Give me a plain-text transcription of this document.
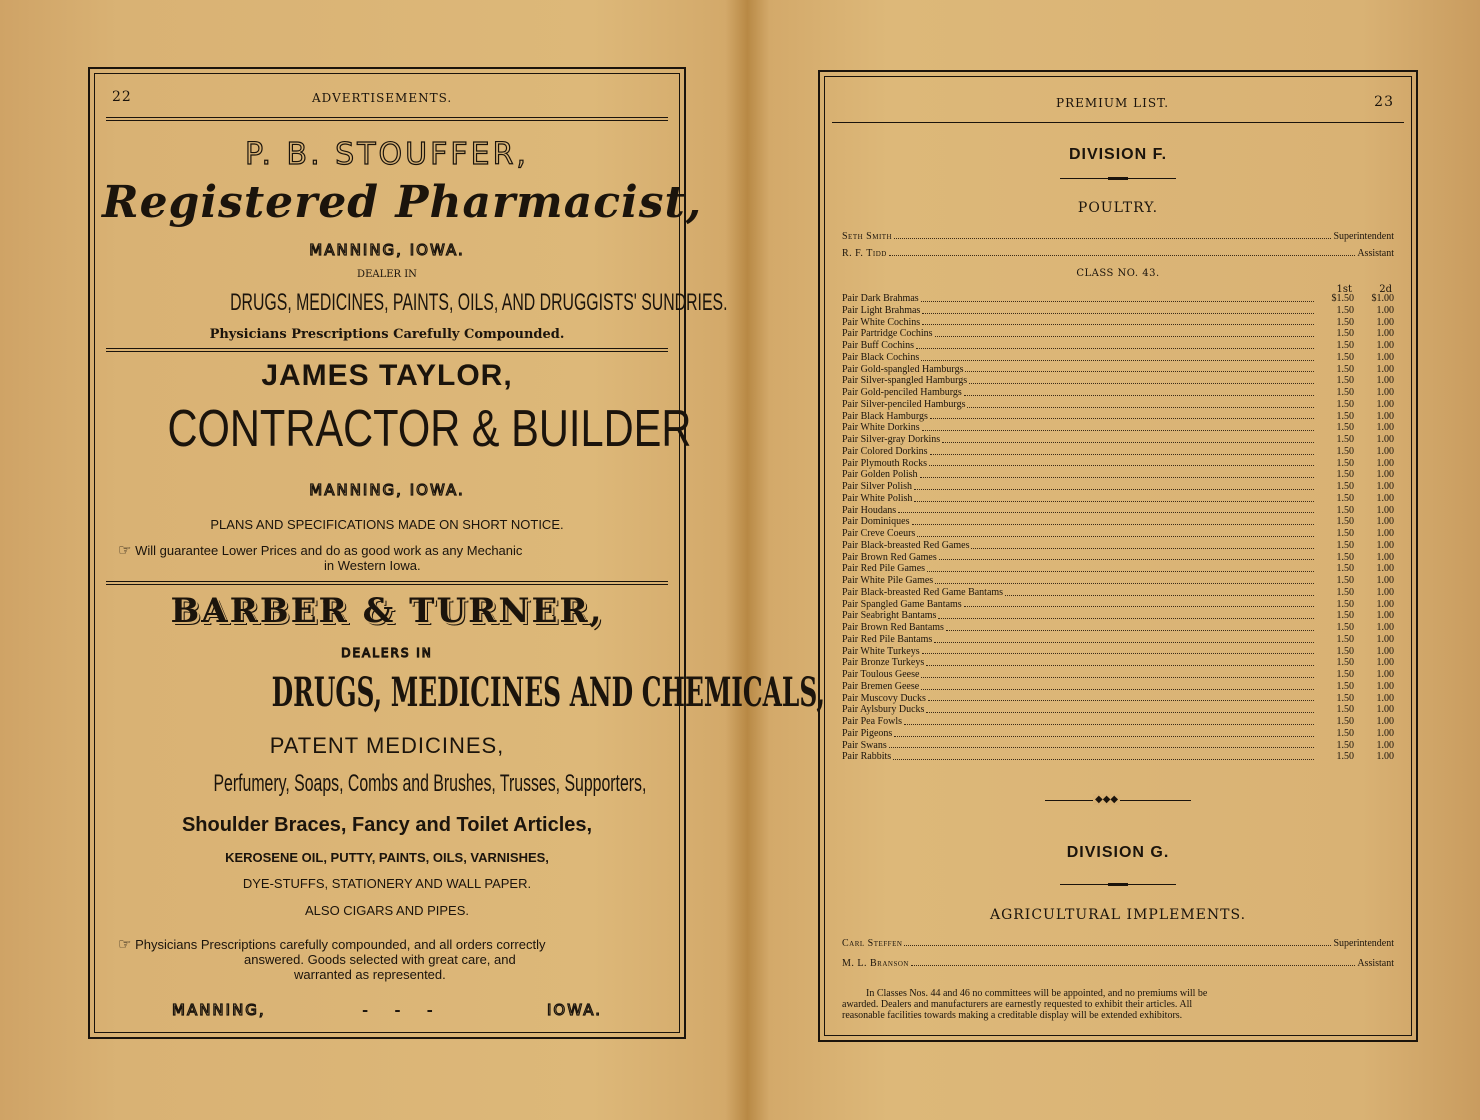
22	ADVERTISEMENTS.
P. B. STOUFFER,
Registered Pharmacist,
MANNING, IOWA.
DEALER IN
DRUGS, MEDICINES, PAINTS, OILS, AND DRUGGISTS' SUNDRIES.
Physicians Prescriptions Carefully Compounded.
JAMES TAYLOR,
CONTRACTOR & BUILDER
MANNING, IOWA.
PLANS AND SPECIFICATIONS MADE ON SHORT NOTICE.
☞ Will guarantee Lower Prices and do as good work as any Mechanic
in Western Iowa.
BARBER & TURNER,
DEALERS IN
DRUGS, MEDICINES AND CHEMICALS,
PATENT MEDICINES,
Perfumery, Soaps, Combs and Brushes, Trusses, Supporters,
Shoulder Braces, Fancy and Toilet Articles,
KEROSENE OIL, PUTTY, PAINTS, OILS, VARNISHES,
DYE-STUFFS, STATIONERY AND WALL PAPER.
ALSO CIGARS AND PIPES.
☞ Physicians Prescriptions carefully compounded, and all orders correctly
answered. Goods selected with great care, and
warranted as represented.
MANNING,	-     -     -	IOWA.
PREMIUM LIST.	23
DIVISION F.
POULTRY.
Seth Smith	Superintendent
R. F. Tidd	Assistant
CLASS NO. 43.
1st	2d
Pair Dark Brahmas	$1.50	$1.00
Pair Light Brahmas	1.50	1.00
Pair White Cochins	1.50	1.00
Pair Partridge Cochins	1.50	1.00
Pair Buff Cochins	1.50	1.00
Pair Black Cochins	1.50	1.00
Pair Gold-spangled Hamburgs	1.50	1.00
Pair Silver-spangled Hamburgs	1.50	1.00
Pair Gold-penciled Hamburgs	1.50	1.00
Pair Silver-penciled Hamburgs	1.50	1.00
Pair Black Hamburgs	1.50	1.00
Pair White Dorkins	1.50	1.00
Pair Silver-gray Dorkins	1.50	1.00
Pair Colored Dorkins	1.50	1.00
Pair Plymouth Rocks	1.50	1.00
Pair Golden Polish	1.50	1.00
Pair Silver Polish	1.50	1.00
Pair White Polish	1.50	1.00
Pair Houdans	1.50	1.00
Pair Dominiques	1.50	1.00
Pair Creve Coeurs	1.50	1.00
Pair Black-breasted Red Games	1.50	1.00
Pair Brown Red Games	1.50	1.00
Pair Red Pile Games	1.50	1.00
Pair White Pile Games	1.50	1.00
Pair Black-breasted Red Game Bantams	1.50	1.00
Pair Spangled Game Bantams	1.50	1.00
Pair Seabright Bantams	1.50	1.00
Pair Brown Red Bantams	1.50	1.00
Pair Red Pile Bantams	1.50	1.00
Pair White Turkeys	1.50	1.00
Pair Bronze Turkeys	1.50	1.00
Pair Toulous Geese	1.50	1.00
Pair Bremen Geese	1.50	1.00
Pair Muscovy Ducks	1.50	1.00
Pair Aylsbury Ducks	1.50	1.00
Pair Pea Fowls	1.50	1.00
Pair Pigeons	1.50	1.00
Pair Swans	1.50	1.00
Pair Rabbits	1.50	1.00
◆◆◆
DIVISION G.
AGRICULTURAL IMPLEMENTS.
Carl Steffen	Superintendent
M. L. Branson	Assistant
In Classes Nos. 44 and 46 no committees will be appointed, and no premiums will be
awarded. Dealers and manufacturers are earnestly requested to exhibit their articles. All
reasonable facilities towards making a creditable display will be extended exhibitors.
